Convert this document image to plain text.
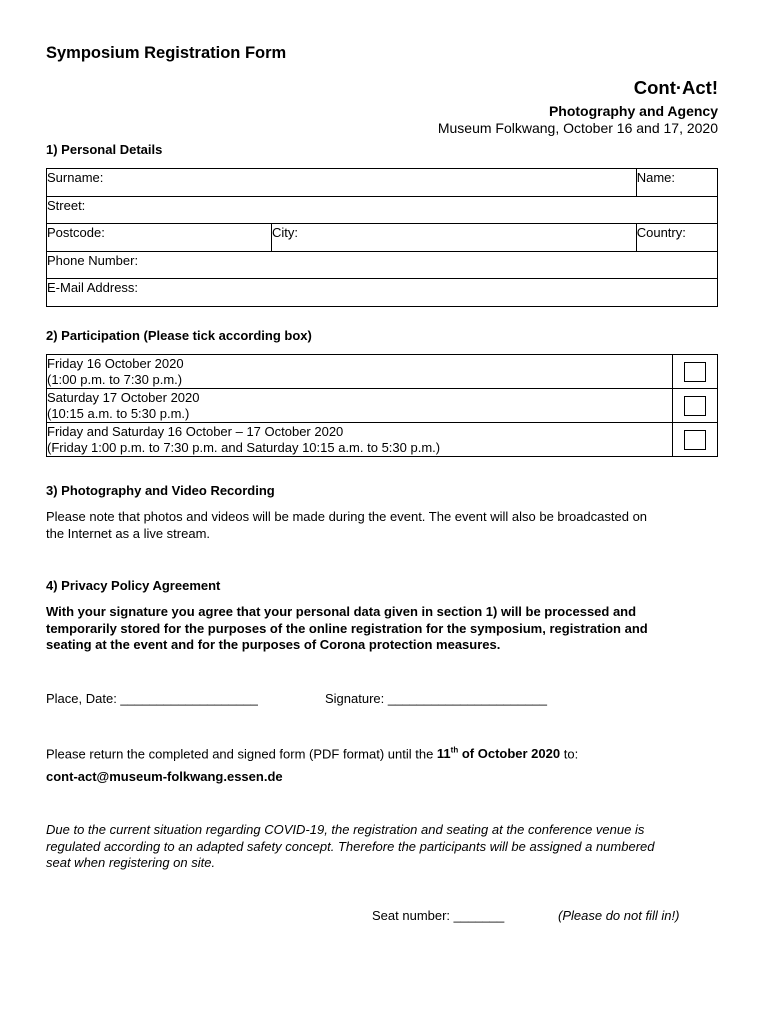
Symposium Registration Form
Cont·Act!
Photography and Agency
Museum Folkwang, October 16 and 17, 2020
1) Personal Details
Surname:		Name:
Street:		
Postcode:	City:	Country:
Phone Number:		
E-Mail Address:		
2) Participation (Please tick according box)
Friday 16 October 2020
(1:00 p.m. to 7:30 p.m.)	

Saturday 17 October 2020
(10:15 a.m. to 5:30 p.m.)	

Friday and Saturday 16 October – 17 October 2020
(Friday 1:00 p.m. to 7:30 p.m. and Saturday 10:15 a.m. to 5:30 p.m.)	

3) Photography and Video Recording
Please note that photos and videos will be made during the event. The event will also be broadcasted on
the Internet as a live stream.
4) Privacy Policy Agreement
With your signature you agree that your personal data given in section 1) will be processed and
temporarily stored for the purposes of the online registration for the symposium, registration and
seating at the event and for the purposes of Corona protection measures.
Place, Date: ___________________	Signature: ______________________
Please return the completed and signed form (PDF format) until the 11th of October 2020 to:
cont-act@museum-folkwang.essen.de
Due to the current situation regarding COVID-19, the registration and seating at the conference venue is
regulated according to an adapted safety concept. Therefore the participants will be assigned a numbered
seat when registering on site.
Seat number: _______	(Please do not fill in!)
